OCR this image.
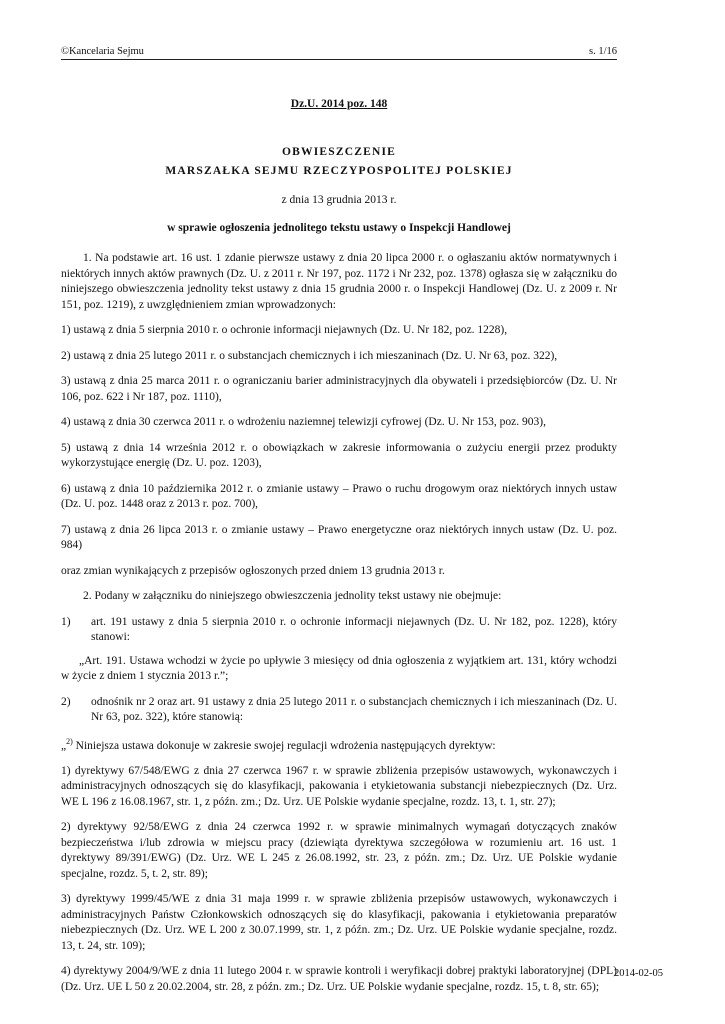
©Kancelaria Sejmu	s. 1/16
Dz.U. 2014 poz. 148
OBWIESZCZENIE
MARSZAŁKA SEJMU RZECZYPOSPOLITEJ POLSKIEJ
z dnia 13 grudnia 2013 r.
w sprawie ogłoszenia jednolitego tekstu ustawy o Inspekcji Handlowej

1. Na podstawie art. 16 ust. 1 zdanie pierwsze ustawy z dnia 20 lipca 2000 r. o ogłaszaniu aktów normatywnych i niektórych innych aktów prawnych (Dz. U. z 2011 r. Nr 197, poz. 1172 i Nr 232, poz. 1378) ogłasza się w załączniku do niniejszego obwieszczenia jednolity tekst ustawy z dnia 15 grudnia 2000 r. o Inspekcji Handlowej (Dz. U. z 2009 r. Nr 151, poz. 1219), z uwzględnieniem zmian wprowadzonych:

1) ustawą z dnia 5 sierpnia 2010 r. o ochronie informacji niejawnych (Dz. U. Nr 182, poz. 1228),

2) ustawą z dnia 25 lutego 2011 r. o substancjach chemicznych i ich mieszaninach (Dz. U. Nr 63, poz. 322),

3) ustawą z dnia 25 marca 2011 r. o ograniczaniu barier administracyjnych dla obywateli i przedsiębiorców (Dz. U. Nr 106, poz. 622 i Nr 187, poz. 1110),

4) ustawą z dnia 30 czerwca 2011 r. o wdrożeniu naziemnej telewizji cyfrowej (Dz. U. Nr 153, poz. 903),

5) ustawą z dnia 14 września 2012 r. o obowiązkach w zakresie informowania o zużyciu energii przez produkty wykorzystujące energię (Dz. U. poz. 1203),

6) ustawą z dnia 10 października 2012 r. o zmianie ustawy – Prawo o ruchu drogowym oraz niektórych innych ustaw (Dz. U. poz. 1448 oraz z 2013 r. poz. 700),

7) ustawą z dnia 26 lipca 2013 r. o zmianie ustawy – Prawo energetyczne oraz niektórych innych ustaw (Dz. U. poz. 984)

oraz zmian wynikających z przepisów ogłoszonych przed dniem 13 grudnia 2013 r.

2. Podany w załączniku do niniejszego obwieszczenia jednolity tekst ustawy nie obejmuje:

1) art. 191 ustawy z dnia 5 sierpnia 2010 r. o ochronie informacji niejawnych (Dz. U. Nr 182, poz. 1228), który stanowi:

„Art. 191. Ustawa wchodzi w życie po upływie 3 miesięcy od dnia ogłoszenia z wyjątkiem art. 131, który wchodzi w życie z dniem 1 stycznia 2013 r.”;

2) odnośnik nr 2 oraz art. 91 ustawy z dnia 25 lutego 2011 r. o substancjach chemicznych i ich mieszaninach (Dz. U. Nr 63, poz. 322), które stanowią:

„$^{2)}$ Niniejsza ustawa dokonuje w zakresie swojej regulacji wdrożenia następujących dyrektyw:

1) dyrektywy 67/548/EWG z dnia 27 czerwca 1967 r. w sprawie zbliżenia przepisów ustawowych, wykonawczych i administracyjnych odnoszących się do klasyfikacji, pakowania i etykietowania substancji niebezpiecznych (Dz. Urz. WE L 196 z 16.08.1967, str. 1, z późn. zm.; Dz. Urz. UE Polskie wydanie specjalne, rozdz. 13, t. 1, str. 27);

2) dyrektywy 92/58/EWG z dnia 24 czerwca 1992 r. w sprawie minimalnych wymagań dotyczących znaków bezpieczeństwa i/lub zdrowia w miejscu pracy (dziewiąta dyrektywa szczegółowa w rozumieniu art. 16 ust. 1 dyrektywy 89/391/EWG) (Dz. Urz. WE L 245 z 26.08.1992, str. 23, z późn. zm.; Dz. Urz. UE Polskie wydanie specjalne, rozdz. 5, t. 2, str. 89);

3) dyrektywy 1999/45/WE z dnia 31 maja 1999 r. w sprawie zbliżenia przepisów ustawowych, wykonawczych i administracyjnych Państw Członkowskich odnoszących się do klasyfikacji, pakowania i etykietowania preparatów niebezpiecznych (Dz. Urz. WE L 200 z 30.07.1999, str. 1, z późn. zm.; Dz. Urz. UE Polskie wydanie specjalne, rozdz. 13, t. 24, str. 109);

4) dyrektywy 2004/9/WE z dnia 11 lutego 2004 r. w sprawie kontroli i weryfikacji dobrej praktyki laboratoryjnej (DPL) (Dz. Urz. UE L 50 z 20.02.2004, str. 28, z późn. zm.; Dz. Urz. UE Polskie wydanie specjalne, rozdz. 15, t. 8, str. 65);

2014-02-05
